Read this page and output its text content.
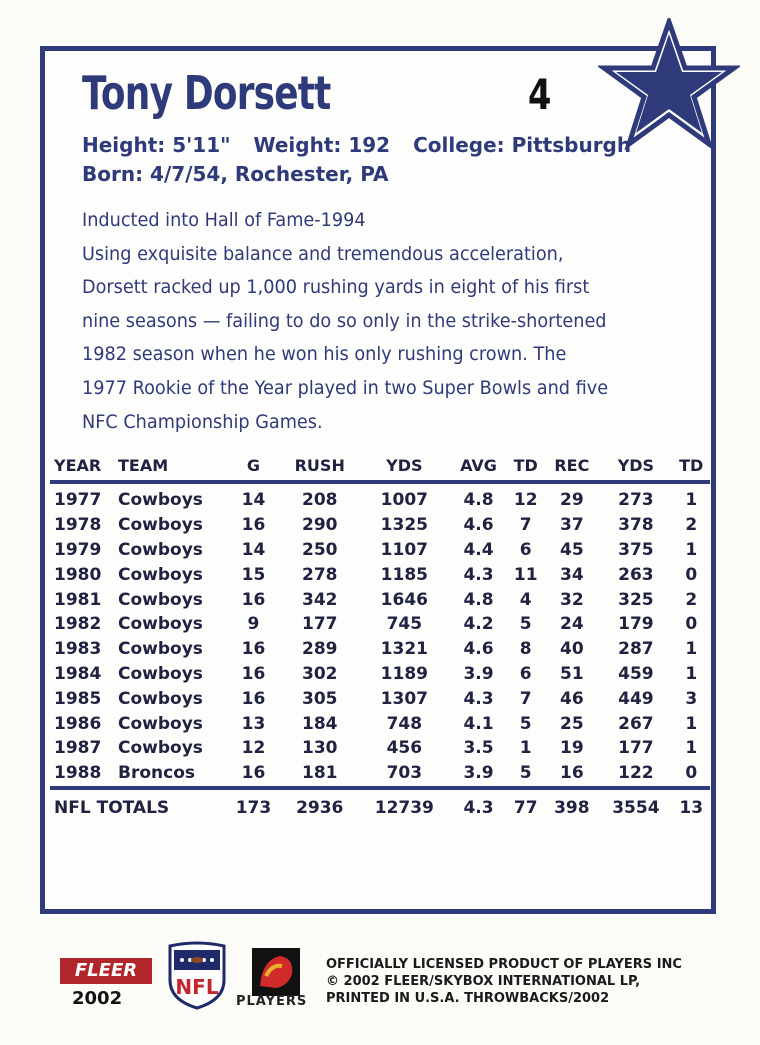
Tony Dorsett	4
Height: 5'11" Weight: 192 College: Pittsburgh
Born: 4/7/54, Rochester, PA

Inducted into Hall of Fame-1994

Using exquisite balance and tremendous acceleration,

Dorsett racked up 1,000 rushing yards in eight of his first

nine seasons — failing to do so only in the strike-shortened

1982 season when he won his only rushing crown. The

1977 Rookie of the Year played in two Super Bowls and five

NFC Championship Games.

YEAR	TEAM	G	RUSH	YDS	AVG	TD	REC	YDS	TD
1977	Cowboys	14	208	1007	4.8	12	29	273	1
1978	Cowboys	16	290	1325	4.6	7	37	378	2
1979	Cowboys	14	250	1107	4.4	6	45	375	1
1980	Cowboys	15	278	1185	4.3	11	34	263	0
1981	Cowboys	16	342	1646	4.8	4	32	325	2
1982	Cowboys	9	177	745	4.2	5	24	179	0
1983	Cowboys	16	289	1321	4.6	8	40	287	1
1984	Cowboys	16	302	1189	3.9	6	51	459	1
1985	Cowboys	16	305	1307	4.3	7	46	449	3
1986	Cowboys	13	184	748	4.1	5	25	267	1
1987	Cowboys	12	130	456	3.5	1	19	177	1
1988	Broncos	16	181	703	3.9	5	16	122	0
NFL TOTALS		173	2936	12739	4.3	77	398	3554	13
FLEER
2002	NFL
PLAYERS
OFFICIALLY LICENSED PRODUCT OF PLAYERS INC
© 2002 FLEER/SKYBOX INTERNATIONAL LP,
PRINTED IN U.S.A. THROWBACKS/2002
